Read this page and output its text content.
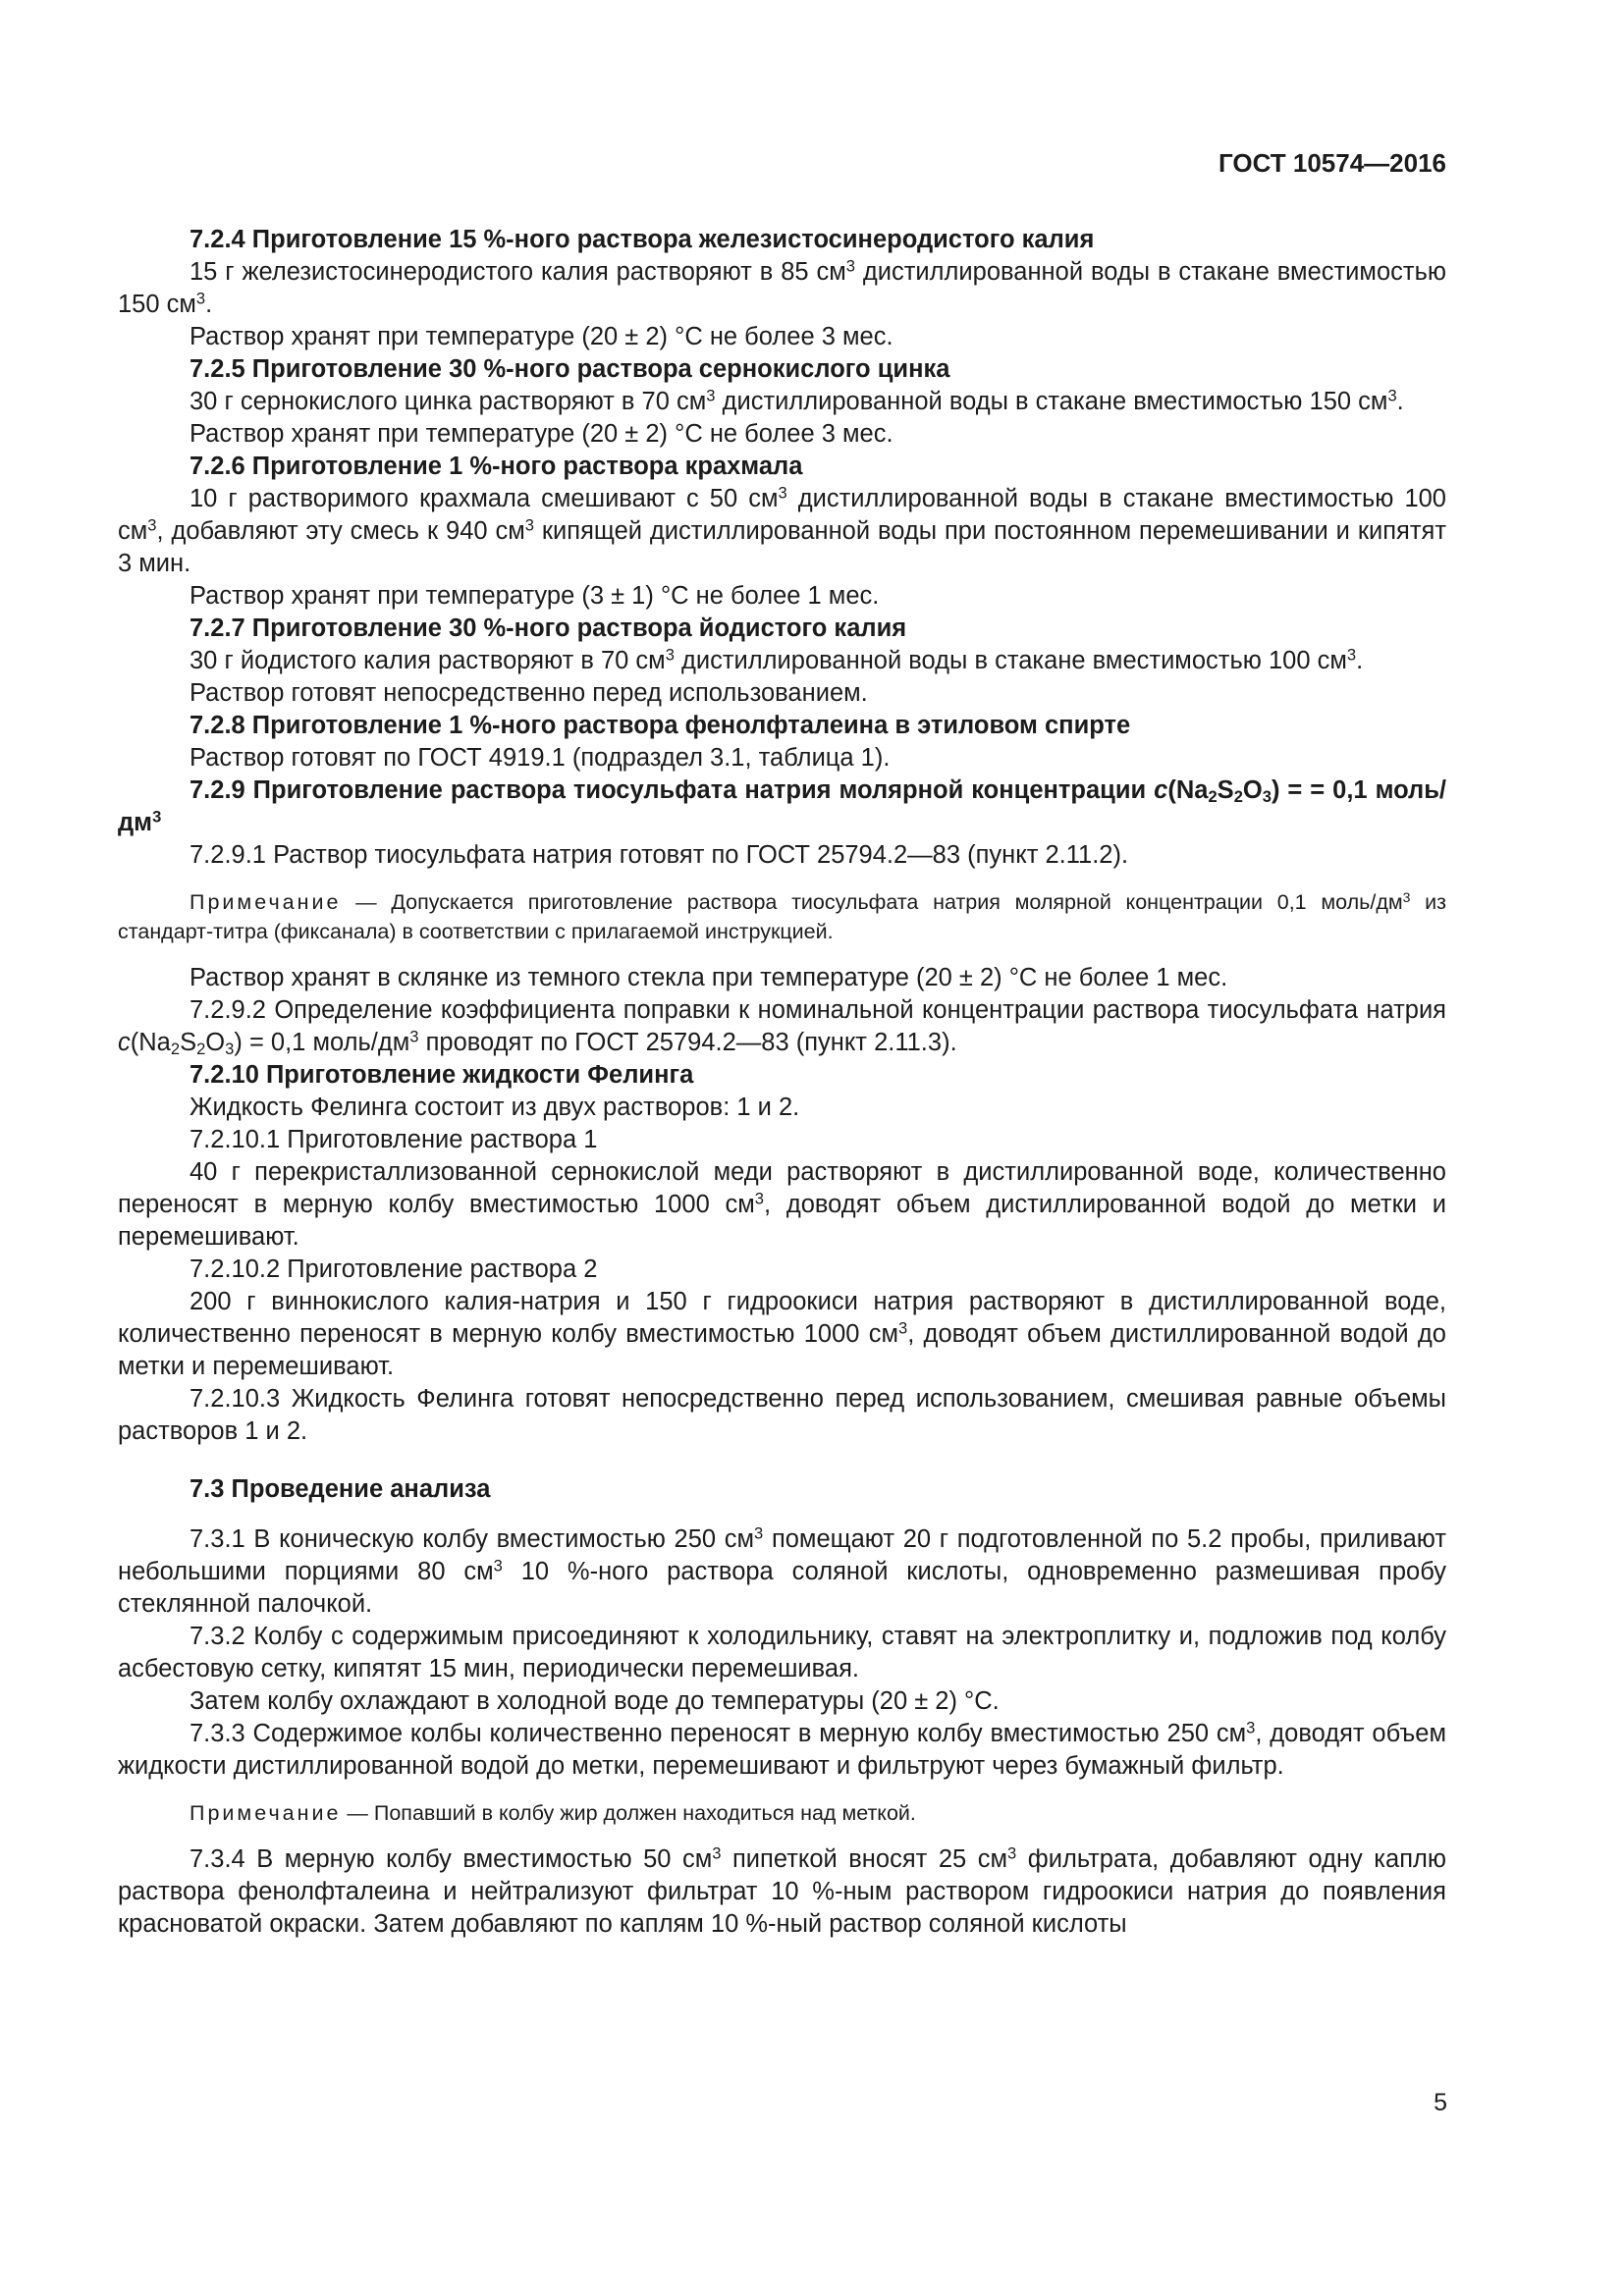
ГОСТ 10574—2016

7.2.4 Приготовление 15 %-ного раствора железистосинеродистого калия

15 г железистосинеродистого калия растворяют в 85 $см^3$ дистиллированной воды в стакане вместимостью 150 $см^3$.

Раствор хранят при температуре (20 ± 2) °C не более 3 мес.

7.2.5 Приготовление 30 %-ного раствора сернокислого цинка

30 г сернокислого цинка растворяют в 70 $см^3$ дистиллированной воды в стакане вместимостью 150 $см^3$.

Раствор хранят при температуре (20 ± 2) °C не более 3 мес.

7.2.6 Приготовление 1 %-ного раствора крахмала

10 г растворимого крахмала смешивают с 50 $см^3$ дистиллированной воды в стакане вместимостью 100 $см^3$, добавляют эту смесь к 940 $см^3$ кипящей дистиллированной воды при постоянном перемешивании и кипятят 3 мин.

Раствор хранят при температуре (3 ± 1) °C не более 1 мес.

7.2.7 Приготовление 30 %-ного раствора йодистого калия

30 г йодистого калия растворяют в 70 $см^3$ дистиллированной воды в стакане вместимостью 100 $см^3$.

Раствор готовят непосредственно перед использованием.

7.2.8 Приготовление 1 %-ного раствора фенолфталеина в этиловом спирте

Раствор готовят по ГОСТ 4919.1 (подраздел 3.1, таблица 1).

7.2.9 Приготовление раствора тиосульфата натрия молярной концентрации $c(Na_2S_2O_3)$ = = 0,1 моль/$дм^3$

7.2.9.1 Раствор тиосульфата натрия готовят по ГОСТ 25794.2—83 (пункт 2.11.2).

Примечание — Допускается приготовление раствора тиосульфата натрия молярной концентрации 0,1 моль/$дм^3$ из стандарт-титра (фиксанала) в соответствии с прилагаемой инструкцией.

Раствор хранят в склянке из темного стекла при температуре (20 ± 2) °C не более 1 мес.

7.2.9.2 Определение коэффициента поправки к номинальной концентрации раствора тиосульфата натрия $c(Na_2S_2O_3) = 0,1$ моль/$дм^3$ проводят по ГОСТ 25794.2—83 (пункт 2.11.3).

7.2.10 Приготовление жидкости Фелинга

Жидкость Фелинга состоит из двух растворов: 1 и 2.

7.2.10.1 Приготовление раствора 1

40 г перекристаллизованной сернокислой меди растворяют в дистиллированной воде, количественно переносят в мерную колбу вместимостью 1000 $см^3$, доводят объем дистиллированной водой до метки и перемешивают.

7.2.10.2 Приготовление раствора 2

200 г виннокислого калия-натрия и 150 г гидроокиси натрия растворяют в дистиллированной воде, количественно переносят в мерную колбу вместимостью 1000 $см^3$, доводят объем дистиллированной водой до метки и перемешивают.

7.2.10.3 Жидкость Фелинга готовят непосредственно перед использованием, смешивая равные объемы растворов 1 и 2.

7.3 Проведение анализа

7.3.1 В коническую колбу вместимостью 250 $см^3$ помещают 20 г подготовленной по 5.2 пробы, приливают небольшими порциями 80 $см^3$ 10 %-ного раствора соляной кислоты, одновременно размешивая пробу стеклянной палочкой.

7.3.2 Колбу с содержимым присоединяют к холодильнику, ставят на электроплитку и, подложив под колбу асбестовую сетку, кипятят 15 мин, периодически перемешивая.

Затем колбу охлаждают в холодной воде до температуры (20 ± 2) °C.

7.3.3 Содержимое колбы количественно переносят в мерную колбу вместимостью 250 $см^3$, доводят объем жидкости дистиллированной водой до метки, перемешивают и фильтруют через бумажный фильтр.

Примечание — Попавший в колбу жир должен находиться над меткой.

7.3.4 В мерную колбу вместимостью 50 $см^3$ пипеткой вносят 25 $см^3$ фильтрата, добавляют одну каплю раствора фенолфталеина и нейтрализуют фильтрат 10 %-ным раствором гидроокиси натрия до появления красноватой окраски. Затем добавляют по каплям 10 %-ный раствор соляной кислоты

5
